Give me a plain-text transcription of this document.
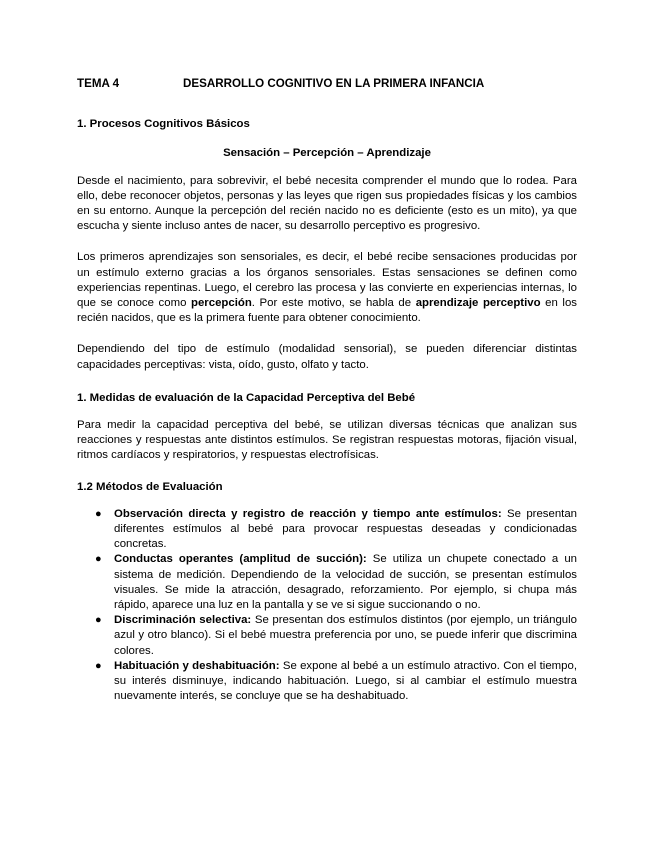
TEMA 4	DESARROLLO COGNITIVO EN LA PRIMERA INFANCIA
1. Procesos Cognitivos Básicos
Sensación – Percepción – Aprendizaje

Desde el nacimiento, para sobrevivir, el bebé necesita comprender el mundo que lo rodea. Para ello, debe reconocer objetos, personas y las leyes que rigen sus propiedades físicas y los cambios en su entorno. Aunque la percepción del recién nacido no es deficiente (esto es un mito), ya que escucha y siente incluso antes de nacer, su desarrollo perceptivo es progresivo.

Los primeros aprendizajes son sensoriales, es decir, el bebé recibe sensaciones producidas por un estímulo externo gracias a los órganos sensoriales. Estas sensaciones se definen como experiencias repentinas. Luego, el cerebro las procesa y las convierte en experiencias internas, lo que se conoce como percepción. Por este motivo, se habla de aprendizaje perceptivo en los recién nacidos, que es la primera fuente para obtener conocimiento.

Dependiendo del tipo de estímulo (modalidad sensorial), se pueden diferenciar distintas capacidades perceptivas: vista, oído, gusto, olfato y tacto.

1. Medidas de evaluación de la Capacidad Perceptiva del Bebé

Para medir la capacidad perceptiva del bebé, se utilizan diversas técnicas que analizan sus reacciones y respuestas ante distintos estímulos. Se registran respuestas motoras, fijación visual, ritmos cardíacos y respiratorios, y respuestas electrofísicas.

1.2 Métodos de Evaluación
● Observación directa y registro de reacción y tiempo ante estímulos: Se presentan diferentes estímulos al bebé para provocar respuestas deseadas y condicionadas concretas.
● Conductas operantes (amplitud de succión): Se utiliza un chupete conectado a un sistema de medición. Dependiendo de la velocidad de succión, se presentan estímulos visuales. Se mide la atracción, desagrado, reforzamiento. Por ejemplo, si chupa más rápido, aparece una luz en la pantalla y se ve si sigue succionando o no.
● Discriminación selectiva: Se presentan dos estímulos distintos (por ejemplo, un triángulo azul y otro blanco). Si el bebé muestra preferencia por uno, se puede inferir que discrimina colores.
● Habituación y deshabituación: Se expone al bebé a un estímulo atractivo. Con el tiempo, su interés disminuye, indicando habituación. Luego, si al cambiar el estímulo muestra nuevamente interés, se concluye que se ha deshabituado.
